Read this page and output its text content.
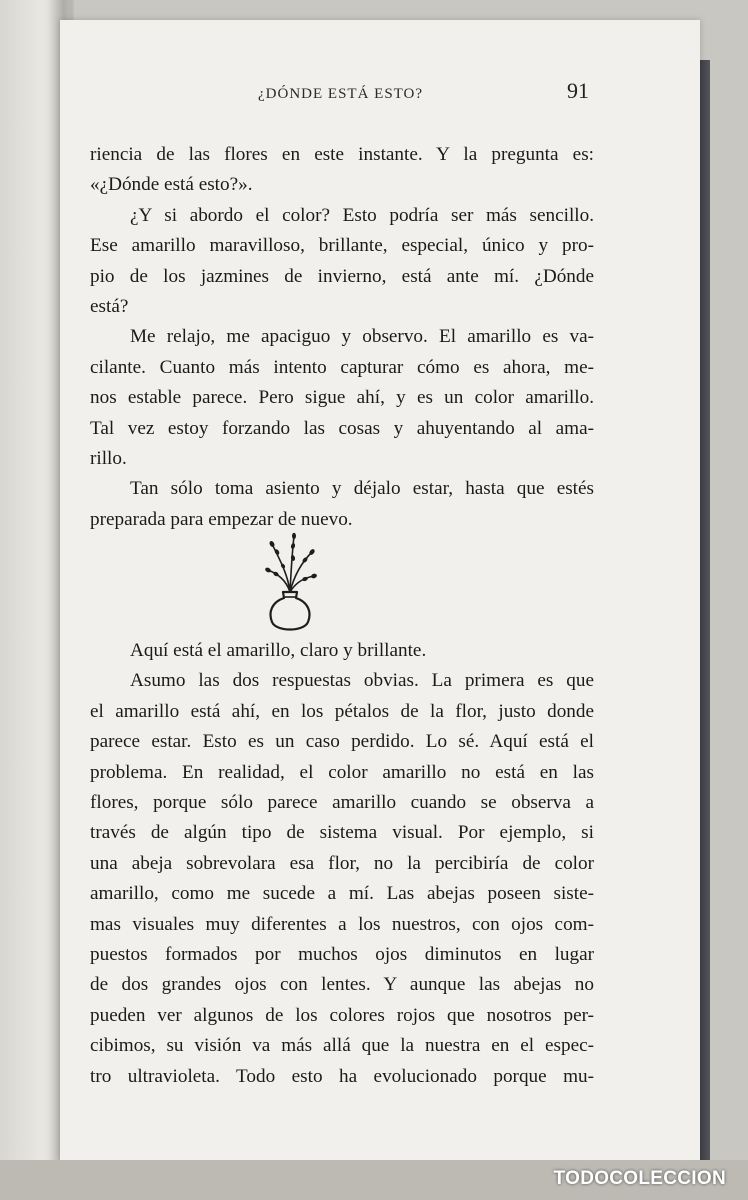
¿DÓNDE ESTÁ ESTO?	91
riencia de las flores en este instante. Y la pregunta es:
«¿Dónde está esto?».
¿Y si abordo el color? Esto podría ser más sencillo.
Ese amarillo maravilloso, brillante, especial, único y pro-
pio de los jazmines de invierno, está ante mí. ¿Dónde
está?
Me relajo, me apaciguo y observo. El amarillo es va-
cilante. Cuanto más intento capturar cómo es ahora, me-
nos estable parece. Pero sigue ahí, y es un color amarillo.
Tal vez estoy forzando las cosas y ahuyentando al ama-
rillo.
Tan sólo toma asiento y déjalo estar, hasta que estés
preparada para empezar de nuevo.
Aquí está el amarillo, claro y brillante.
Asumo las dos respuestas obvias. La primera es que
el amarillo está ahí, en los pétalos de la flor, justo donde
parece estar. Esto es un caso perdido. Lo sé. Aquí está el
problema. En realidad, el color amarillo no está en las
flores, porque sólo parece amarillo cuando se observa a
través de algún tipo de sistema visual. Por ejemplo, si
una abeja sobrevolara esa flor, no la percibiría de color
amarillo, como me sucede a mí. Las abejas poseen siste-
mas visuales muy diferentes a los nuestros, con ojos com-
puestos formados por muchos ojos diminutos en lugar
de dos grandes ojos con lentes. Y aunque las abejas no
pueden ver algunos de los colores rojos que nosotros per-
cibimos, su visión va más allá que la nuestra en el espec-
tro ultravioleta. Todo esto ha evolucionado porque mu-
TODOCOLECCION
